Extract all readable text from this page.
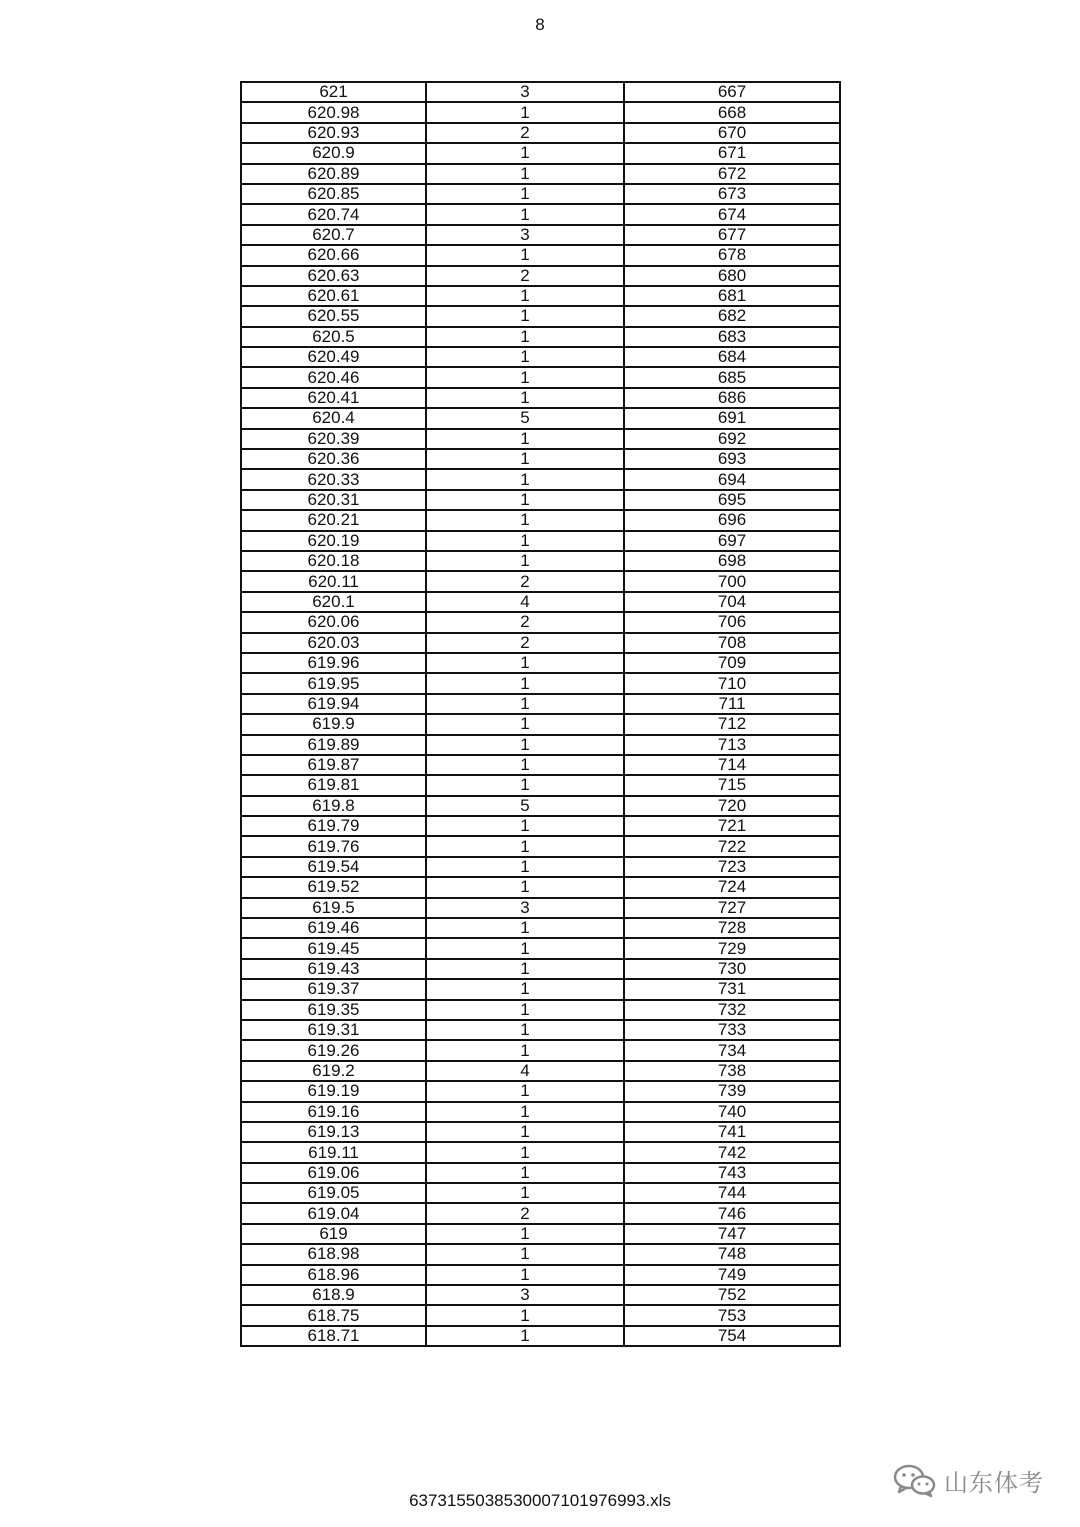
8
621	3	667
620.98	1	668
620.93	2	670
620.9	1	671
620.89	1	672
620.85	1	673
620.74	1	674
620.7	3	677
620.66	1	678
620.63	2	680
620.61	1	681
620.55	1	682
620.5	1	683
620.49	1	684
620.46	1	685
620.41	1	686
620.4	5	691
620.39	1	692
620.36	1	693
620.33	1	694
620.31	1	695
620.21	1	696
620.19	1	697
620.18	1	698
620.11	2	700
620.1	4	704
620.06	2	706
620.03	2	708
619.96	1	709
619.95	1	710
619.94	1	711
619.9	1	712
619.89	1	713
619.87	1	714
619.81	1	715
619.8	5	720
619.79	1	721
619.76	1	722
619.54	1	723
619.52	1	724
619.5	3	727
619.46	1	728
619.45	1	729
619.43	1	730
619.37	1	731
619.35	1	732
619.31	1	733
619.26	1	734
619.2	4	738
619.19	1	739
619.16	1	740
619.13	1	741
619.11	1	742
619.06	1	743
619.05	1	744
619.04	2	746
619	1	747
618.98	1	748
618.96	1	749
618.9	3	752
618.75	1	753
618.71	1	754
6373155038530007101976993.xls
山东体考
